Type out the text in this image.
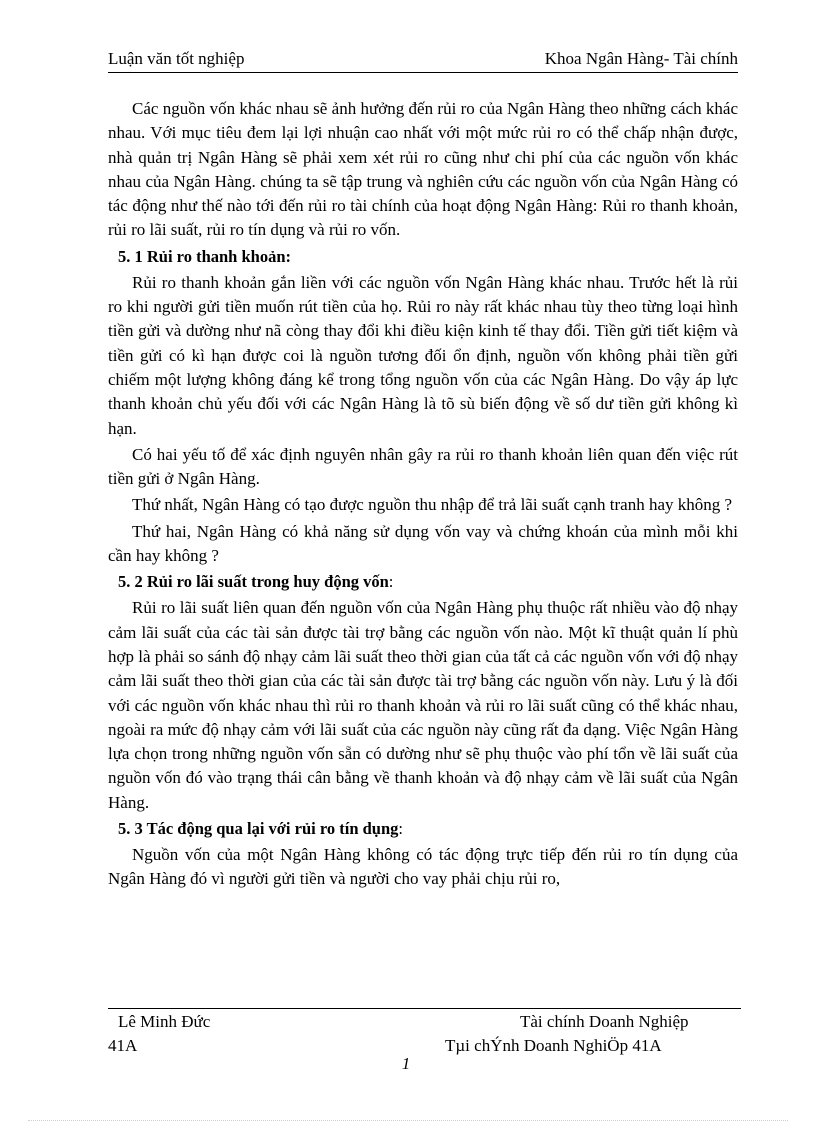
Luận văn tốt nghiệp	Khoa Ngân Hàng- Tài chính

Các nguồn vốn khác nhau sẽ ảnh hưởng đến rủi ro của Ngân Hàng theo những cách khác nhau. Với mục tiêu đem lại lợi nhuận cao nhất với một mức rủi ro có thể chấp nhận được, nhà quản trị Ngân Hàng sẽ phải xem xét rủi ro cũng như chi phí của các nguồn vốn khác nhau của Ngân Hàng. chúng ta sẽ tập trung và nghiên cứu các nguồn vốn của Ngân Hàng có tác động như thế nào tới đến rủi ro tài chính của hoạt động Ngân Hàng: Rủi ro thanh khoản, rủi ro lãi suất, rủi ro tín dụng và rủi ro vốn.

5. 1 Rủi ro thanh khoản:

Rủi ro thanh khoản gắn liền với các nguồn vốn Ngân Hàng khác nhau. Trước hết là rủi ro khi người gửi tiền muốn rút tiền của họ. Rủi ro này rất khác nhau tùy theo từng loại hình tiền gửi và dường như nã còng thay đổi khi điều kiện kinh tế thay đổi. Tiền gửi tiết kiệm và tiền gửi có kì hạn được coi là nguồn tương đối ổn định, nguồn vốn không phải tiền gửi chiếm một lượng không đáng kể trong tổng nguồn vốn của các Ngân Hàng. Do vậy áp lực thanh khoản chủ yếu đối với các Ngân Hàng là tõ sù biến động về số dư tiền gửi không kì hạn.

Có hai yếu tố để xác định nguyên nhân gây ra rủi ro thanh khoản liên quan đến việc rút tiền gửi ở Ngân Hàng.

Thứ nhất, Ngân Hàng có tạo được nguồn thu nhập để trả lãi suất cạnh tranh hay không ?

Thứ hai, Ngân Hàng có khả năng sử dụng vốn vay và chứng khoán của mình mỗi khi cần hay không ?

5. 2 Rủi ro lãi suất trong huy động vốn:

Rủi ro lãi suất liên quan đến nguồn vốn của Ngân Hàng phụ thuộc rất nhiều vào độ nhạy cảm lãi suất của các tài sản được tài trợ bằng các nguồn vốn nào. Một kĩ thuật quản lí phù hợp là phải so sánh độ nhạy cảm lãi suất theo thời gian của tất cả các nguồn vốn với độ nhạy cảm lãi suất theo thời gian của các tài sản được tài trợ bằng các nguồn vốn này. Lưu ý là đối với các nguồn vốn khác nhau thì rủi ro thanh khoản và rủi ro lãi suất cũng có thể khác nhau, ngoài ra mức độ nhạy cảm với lãi suất của các nguồn này cũng rất đa dạng. Việc Ngân Hàng lựa chọn trong những nguồn vốn sẵn có dường như sẽ phụ thuộc vào phí tổn về lãi suất của nguồn vốn đó vào trạng thái cân bằng về thanh khoản và độ nhạy cảm về lãi suất của Ngân Hàng.

5. 3 Tác động qua lại với rủi ro tín dụng:

Nguồn vốn của một Ngân Hàng không có tác động trực tiếp đến rủi ro tín dụng của Ngân Hàng đó vì người gửi tiền và người cho vay phải chịu rủi ro,

Lê Minh Đức	Tài chính Doanh Nghiệp
41A	Tµi chÝnh Doanh NghiÖp 41A
1
